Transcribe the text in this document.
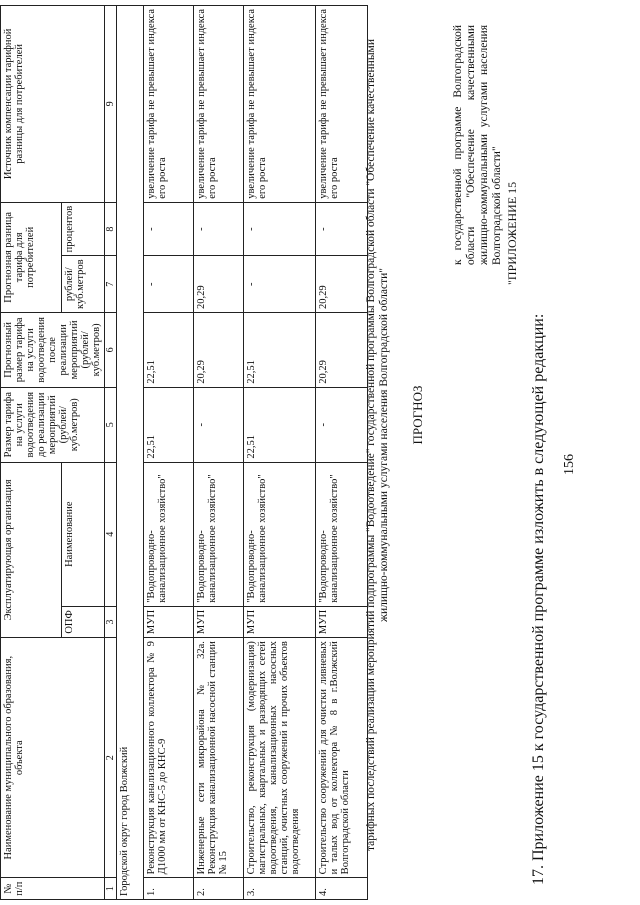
156
17. Приложение 15 к государственной программе изложить в следующей редакции:
"ПРИЛОЖЕНИЕ 15
к государственной программе Волгоградской области "Обеспечение качественными жилищно-коммунальными услугами населения Волгоградской области"
ПРОГНОЗ
тарифных последствий реализации мероприятий подпрограммы "Водоотведение" государственной программы Волгоградской области "Обеспечение качественными жилищно-коммунальными услугами населения Волгоградской области"
№ п/п	Наименование муниципального образования, объекта	Эксплуатирующая организация		Размер тарифа на услуги водоотведения до реализации мероприятий (рублей/ куб.метров)	Прогнозный размер тарифа на услуги водоотведения после реализации мероприятий (рублей/ куб.метров)	Прогнозная разница тарифа для потребителей		Источник компенсации тарифной разницы для потребителей
		ОПФ	Наименование			рублей/ куб.метров	процентов	
1	2	3	4	5	6	7	8	9
Городской округ город Волжский								
1.	Реконструкция канализационного коллектора № 9 Д1000 мм от КНС-5 до КНС-9	МУП	"Водопроводно-канализационное хозяйство"	22,51	22,51	-	-	увеличение тарифа не превышает индекса его роста
2.	Инженерные сети микрорайона № 32а. Реконструкция канализационной насосной станции № 15	МУП	"Водопроводно-канализационное хозяйство"	-	20,29	20,29	-	увеличение тарифа не превышает индекса его роста
3.	Строительство, реконструкция (модернизация) магистральных, квартальных и разводящих сетей водоотведения, канализационных насосных станций, очистных сооружений и прочих объектов водоотведения	МУП	"Водопроводно-канализационное хозяйство"	22,51	22,51	-	-	увеличение тарифа не превышает индекса его роста
4.	Строительство сооружений для очистки ливневых и талых вод от коллектора № 8 в г.Волжский Волгоградской области	МУП	"Водопроводно-канализационное хозяйство"	-	20,29	20,29	-	увеличение тарифа не превышает индекса его роста
